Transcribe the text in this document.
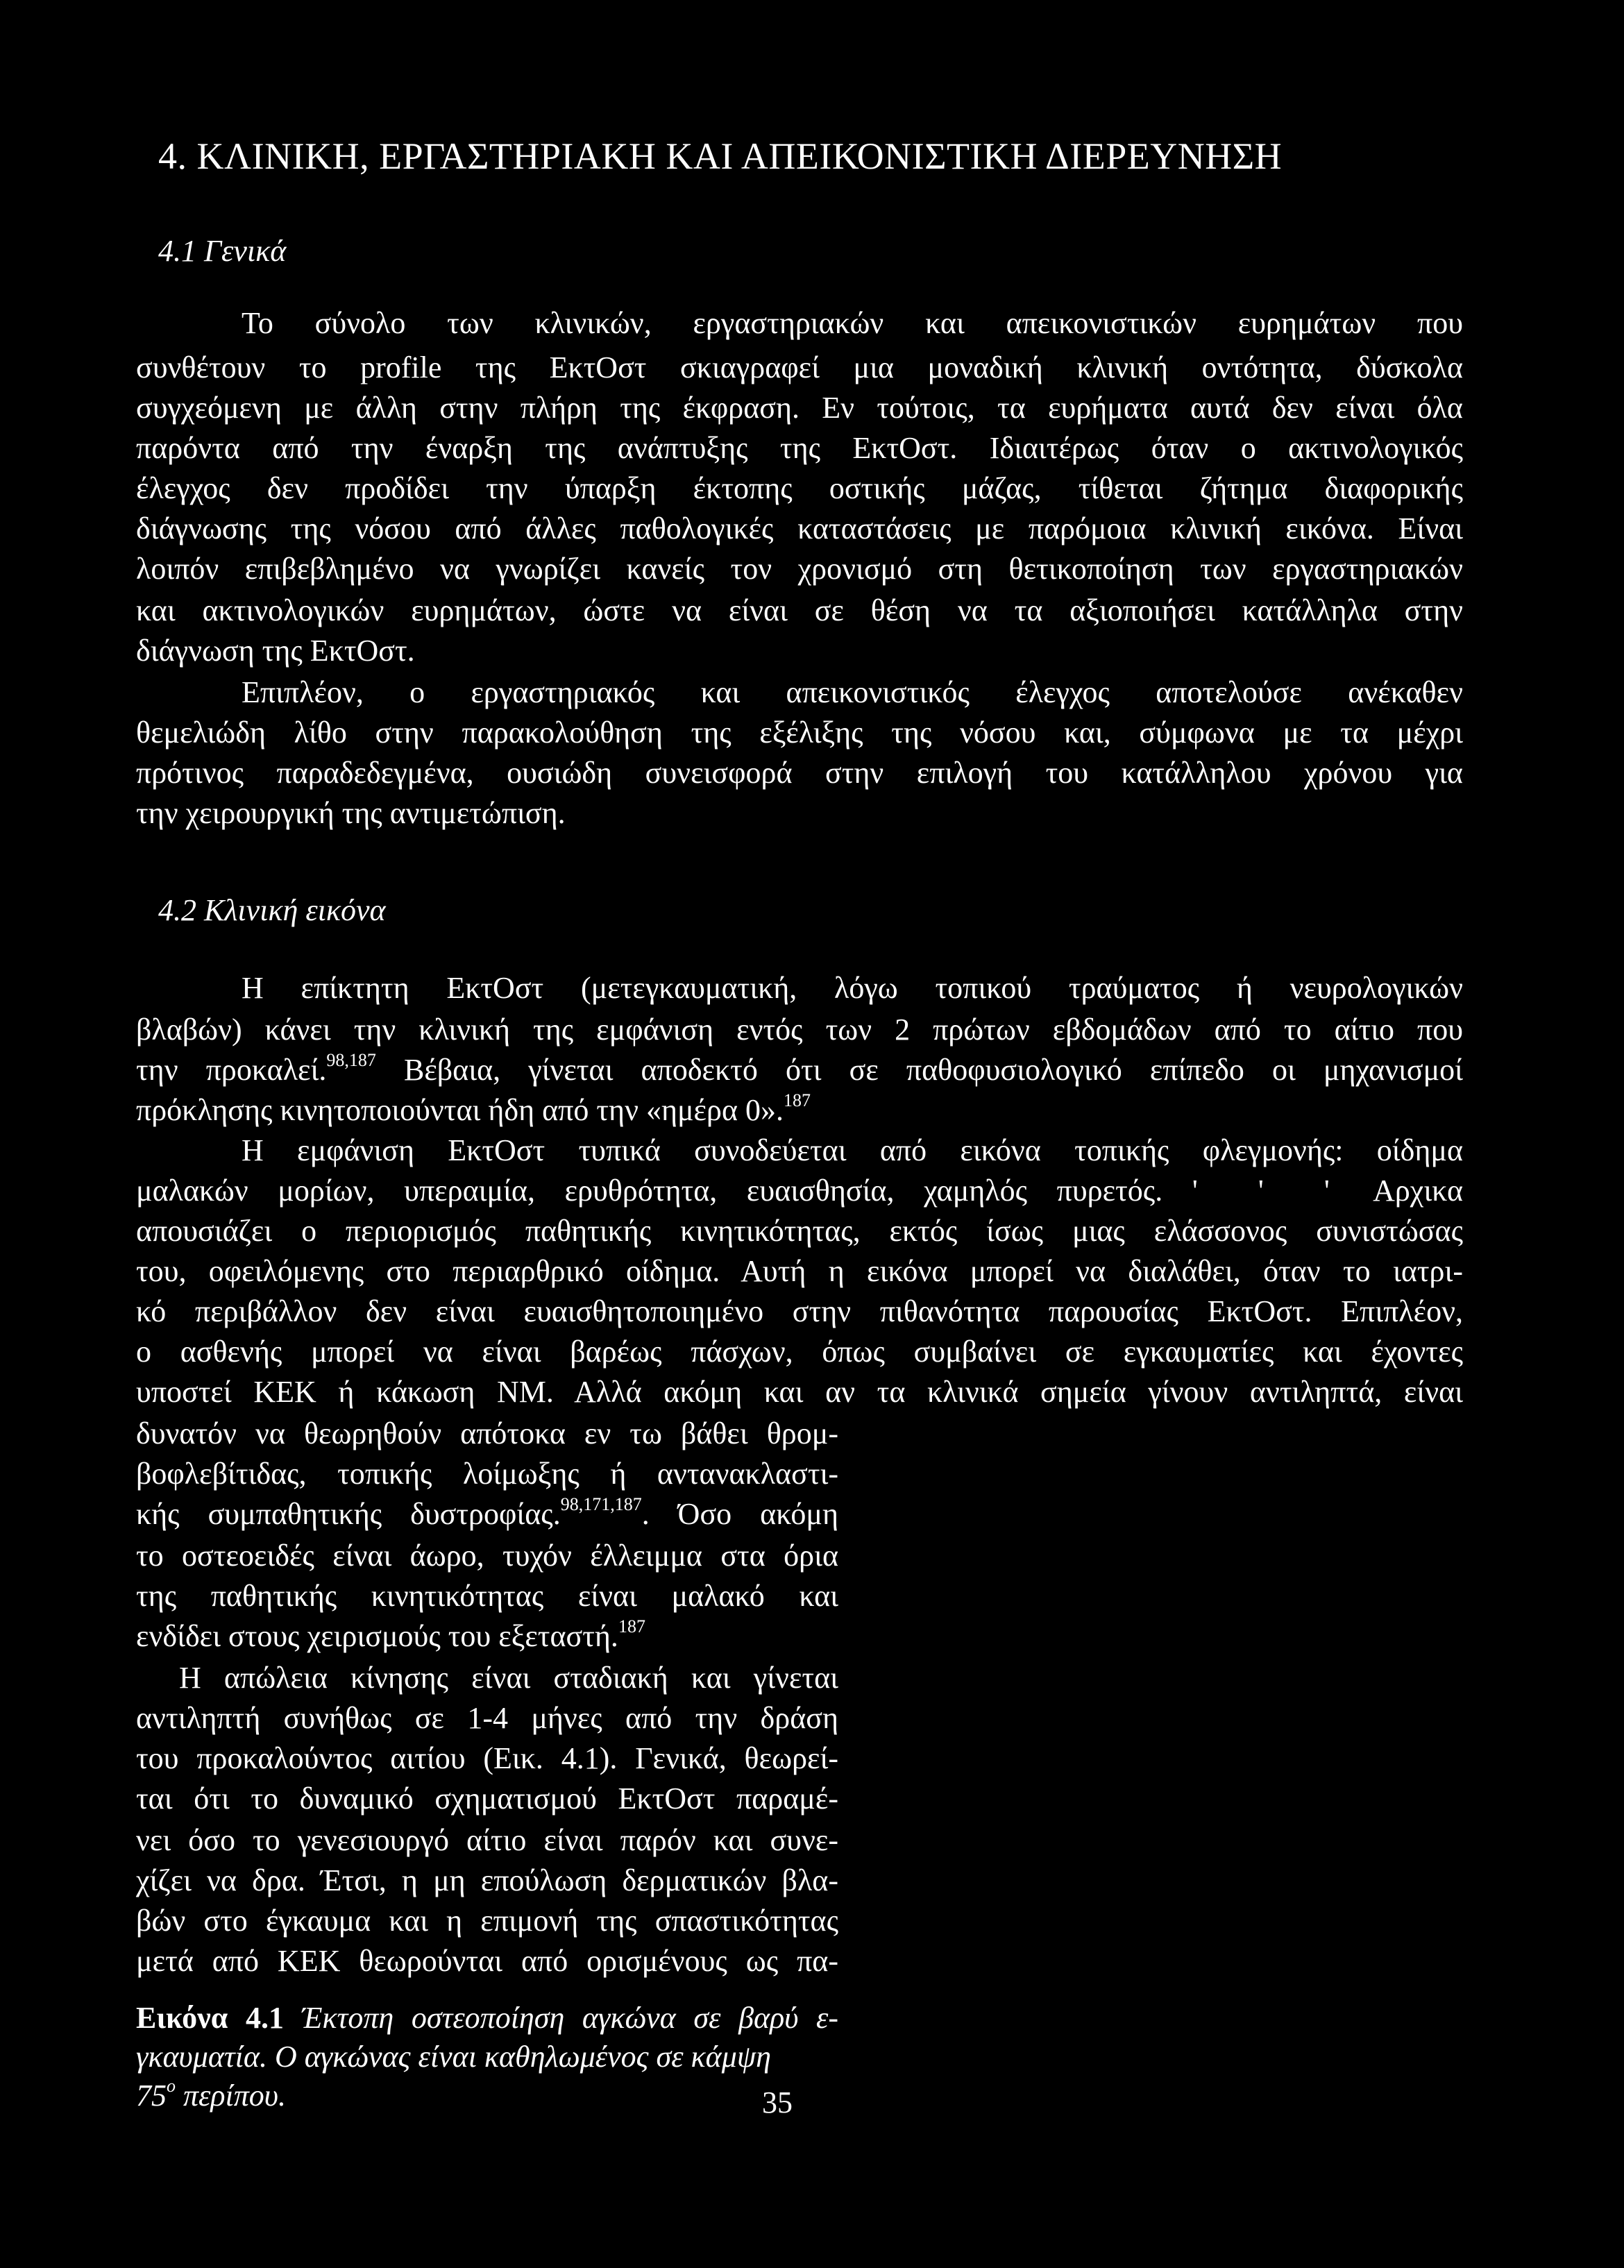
4. ΚΛΙΝΙΚΗ, ΕΡΓΑΣΤΗΡΙΑΚΗ ΚΑΙ ΑΠΕΙΚΟΝΙΣΤΙΚΗ ΔΙΕΡΕΥΝΗΣΗ
4.1 Γενικά
Το σύνολο των κλινικών, εργαστηριακών και απεικονιστικών ευρημάτων που
συνθέτουν το profile της ΕκτΟστ σκιαγραφεί μια μοναδική κλινική οντότητα, δύσκολα
συγχεόμενη με άλλη στην πλήρη της έκφραση. Εν τούτοις, τα ευρήματα αυτά δεν είναι όλα
παρόντα από την έναρξη της ανάπτυξης της ΕκτΟστ. Ιδιαιτέρως όταν ο ακτινολογικός
έλεγχος δεν προδίδει την ύπαρξη έκτοπης οστικής μάζας, τίθεται ζήτημα διαφορικής
διάγνωσης της νόσου από άλλες παθολογικές καταστάσεις με παρόμοια κλινική εικόνα. Είναι
λοιπόν επιβεβλημένο να γνωρίζει κανείς τον χρονισμό στη θετικοποίηση των εργαστηριακών
και ακτινολογικών ευρημάτων, ώστε να είναι σε θέση να τα αξιοποιήσει κατάλληλα στην
διάγνωση της ΕκτΟστ.
Επιπλέον, ο εργαστηριακός και απεικονιστικός έλεγχος αποτελούσε ανέκαθεν
θεμελιώδη λίθο στην παρακολούθηση της εξέλιξης της νόσου και, σύμφωνα με τα μέχρι
πρότινος παραδεδεγμένα, ουσιώδη συνεισφορά στην επιλογή του κατάλληλου χρόνου για
την χειρουργική της αντιμετώπιση.
4.2 Κλινική εικόνα
Η επίκτητη ΕκτΟστ (μετεγκαυματική, λόγω τοπικού τραύματος ή νευρολογικών
βλαβών) κάνει την κλινική της εμφάνιση εντός των 2 πρώτων εβδομάδων από το αίτιο που
την προκαλεί.$^{98,187}$ Βέβαια, γίνεται αποδεκτό ότι σε παθοφυσιολογικό επίπεδο οι μηχανισμοί
πρόκλησης κινητοποιούνται ήδη από την «ημέρα 0».$^{187}$
Η εμφάνιση ΕκτΟστ τυπικά συνοδεύεται από εικόνα τοπικής φλεγμονής: οίδημα
μαλακών μορίων, υπεραιμία, ερυθρότητα, ευαισθησία, χαμηλός πυρετός. ' ' ' Αρχικα
απουσιάζει ο περιορισμός παθητικής κινητικότητας, εκτός ίσως μιας ελάσσονος συνιστώσας
του, οφειλόμενης στο περιαρθρικό οίδημα. Αυτή η εικόνα μπορεί να διαλάθει, όταν το ιατρι-
κό περιβάλλον δεν είναι ευαισθητοποιημένο στην πιθανότητα παρουσίας ΕκτΟστ. Επιπλέον,
ο ασθενής μπορεί να είναι βαρέως πάσχων, όπως συμβαίνει σε εγκαυματίες και έχοντες
υποστεί ΚΕΚ ή κάκωση ΝΜ. Αλλά ακόμη και αν τα κλινικά σημεία γίνουν αντιληπτά, είναι
δυνατόν να θεωρηθούν απότοκα εν τω βάθει θρομ-
βοφλεβίτιδας, τοπικής λοίμωξης ή αντανακλαστι-
κής συμπαθητικής δυστροφίας.$^{98,171,187}$. Όσο ακόμη
το οστεοειδές είναι άωρο, τυχόν έλλειμμα στα όρια
της παθητικής κινητικότητας είναι μαλακό και
ενδίδει στους χειρισμούς του εξεταστή.$^{187}$
Η απώλεια κίνησης είναι σταδιακή και γίνεται
αντιληπτή συνήθως σε 1-4 μήνες από την δράση
του προκαλούντος αιτίου (Εικ. 4.1). Γενικά, θεωρεί-
ται ότι το δυναμικό σχηματισμού ΕκτΟστ παραμέ-
νει όσο το γενεσιουργό αίτιο είναι παρόν και συνε-
χίζει να δρα. Έτσι, η μη επούλωση δερματικών βλα-
βών στο έγκαυμα και η επιμονή της σπαστικότητας
μετά από ΚΕΚ θεωρούνται από ορισμένους ως πα-
Εικόνα 4.1 Έκτοπη οστεοποίηση αγκώνα σε βαρύ ε-
γκαυματία. Ο αγκώνας είναι καθηλωμένος σε κάμψη
75$^o$ περίπου.	35
